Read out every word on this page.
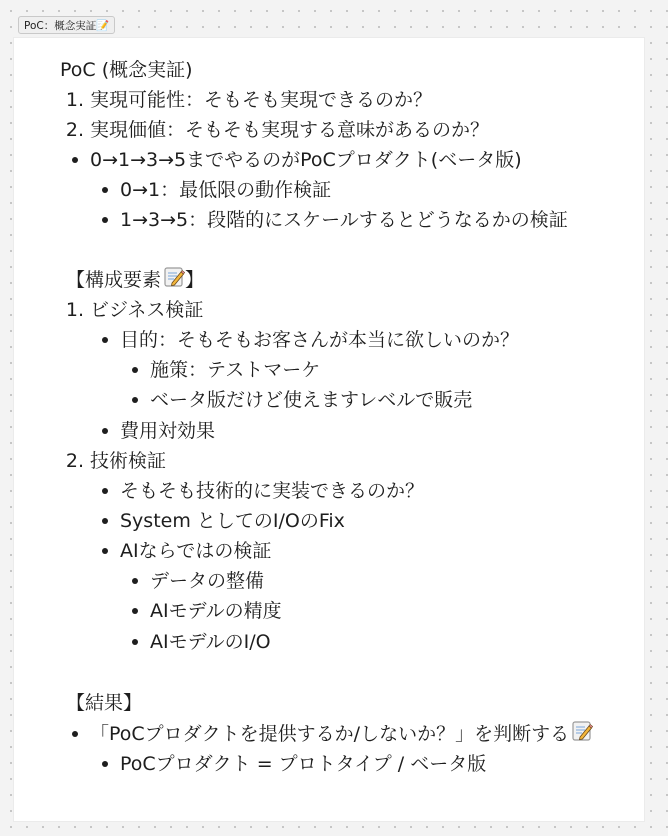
PoC：概念実証📝
PoC (概念実証)
1. 実現可能性：そもそも実現できるのか？
2. 実現価値：そもそも実現する意味があるのか？
0→1→3→5までやるのがPoCプロダクト(ベータ版)
0→1：最低限の動作検証
1→3→5：段階的にスケールするとどうなるかの検証
【構成要素 】
1. ビジネス検証
目的：そもそもお客さんが本当に欲しいのか？
施策：テストマーケ
ベータ版だけど使えますレベルで販売
費用対効果
2. 技術検証
そもそも技術的に実装できるのか？
System としてのI/OのFix
AIならではの検証
データの整備
AIモデルの精度
AIモデルのI/O
【結果】
「PoCプロダクトを提供するか/しないか？」を判断する
PoCプロダクト = プロトタイプ / ベータ版
